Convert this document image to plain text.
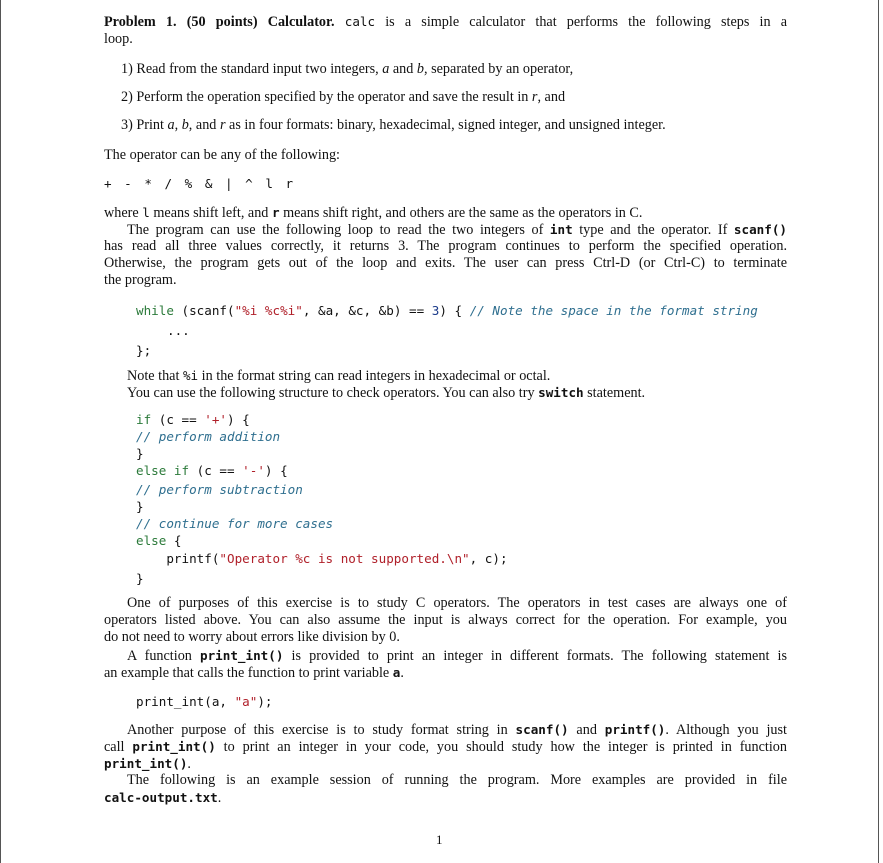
Problem 1. (50 points) Calculator. calc is a simple calculator that performs the following steps in a
loop.
1) Read from the standard input two integers, a and b, separated by an operator,
2) Perform the operation specified by the operator and save the result in r, and
3) Print a, b, and r as in four formats: binary, hexadecimal, signed integer, and unsigned integer.
The operator can be any of the following:
+ - * / % & | ^ l r
where l means shift left, and r means shift right, and others are the same as the operators in C.
The program can use the following loop to read the two integers of int type and the operator. If scanf()
has read all three values correctly, it returns 3. The program continues to perform the specified operation.
Otherwise, the program gets out of the loop and exits. The user can press Ctrl-D (or Ctrl-C) to terminate
the program.
while (scanf("%i %c%i", &a, &c, &b) == 3) { // Note the space in the format string
...
};
Note that %i in the format string can read integers in hexadecimal or octal.
You can use the following structure to check operators. You can also try switch statement.
if (c == '+') {
// perform addition
}
else if (c == '-') {
// perform subtraction
}
// continue for more cases
else {
printf("Operator %c is not supported.\n", c);
}
One of purposes of this exercise is to study C operators. The operators in test cases are always one of
operators listed above. You can also assume the input is always correct for the operation. For example, you
do not need to worry about errors like division by 0.
A function print_int() is provided to print an integer in different formats. The following statement is
an example that calls the function to print variable a.
print_int(a, "a");
Another purpose of this exercise is to study format string in scanf() and printf(). Although you just
call print_int() to print an integer in your code, you should study how the integer is printed in function
print_int().
The following is an example session of running the program. More examples are provided in file
calc-output.txt.
1
